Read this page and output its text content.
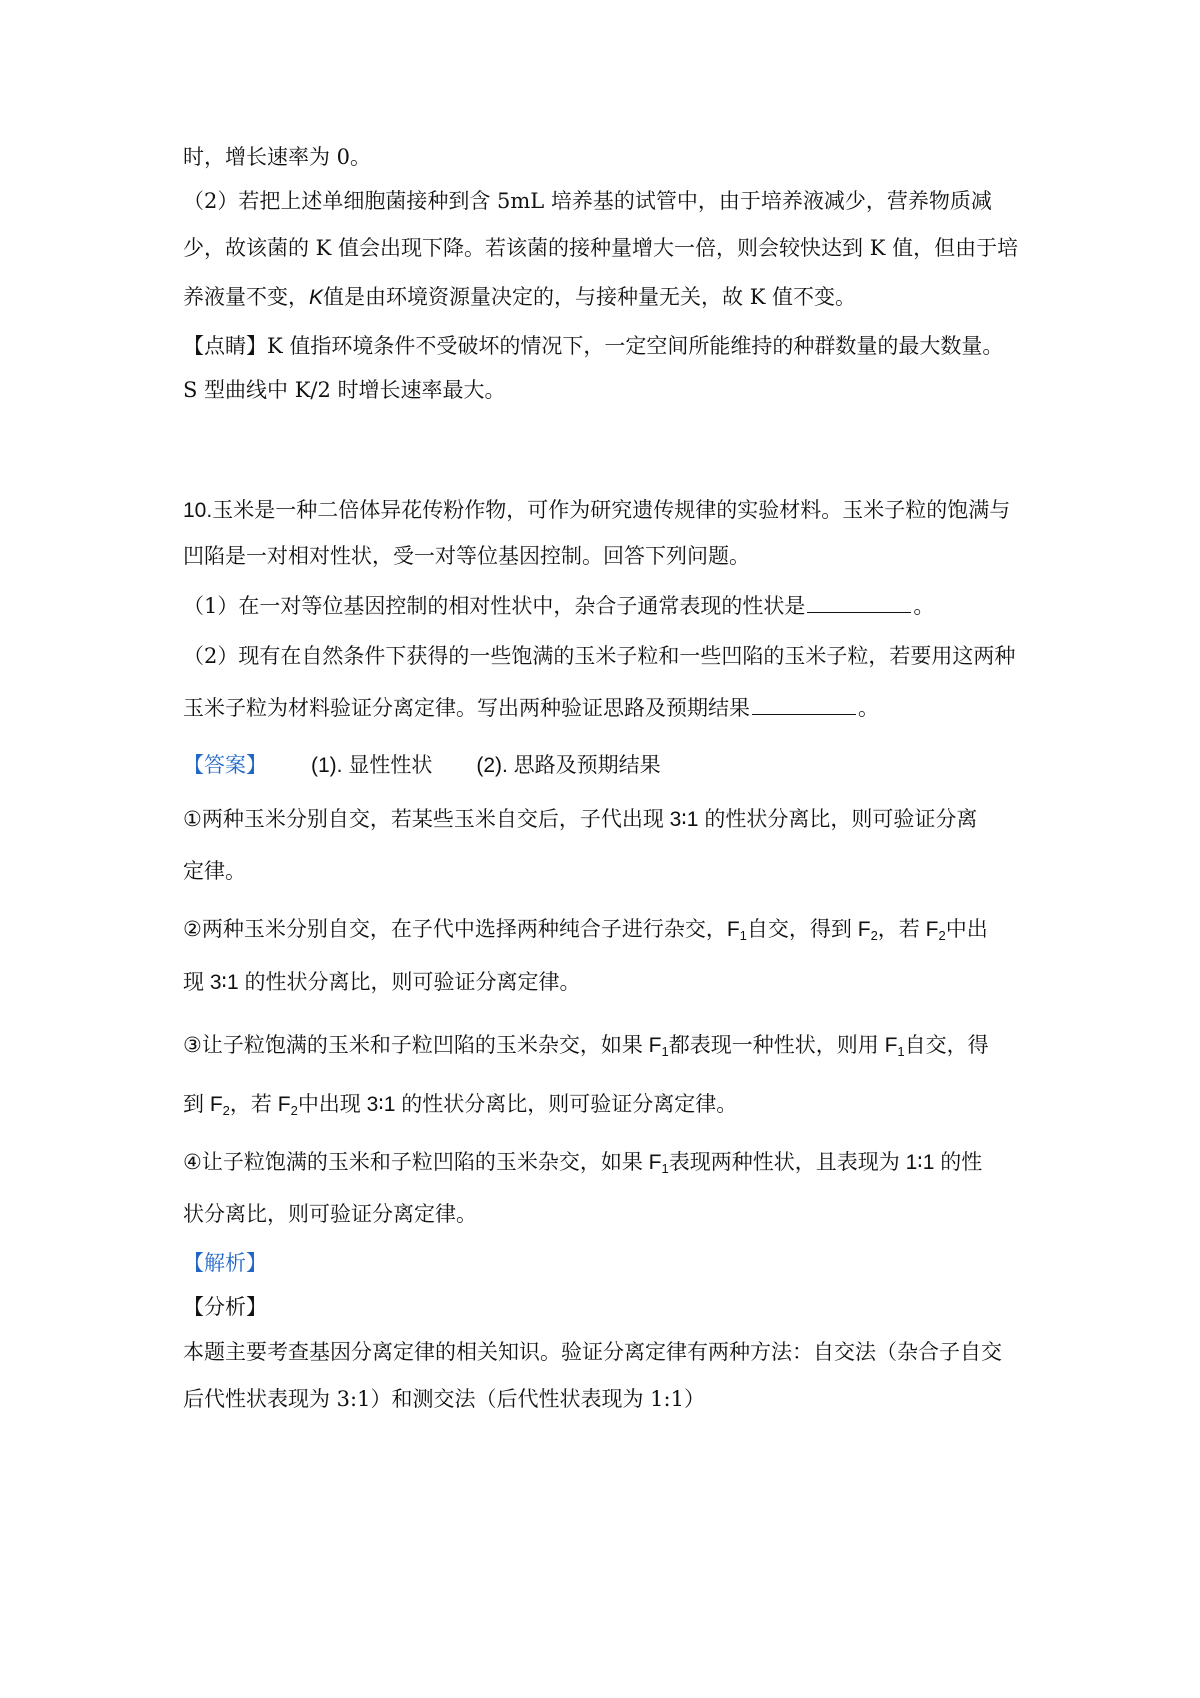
时，增长速率为 0。

（2）若把上述单细胞菌接种到含 5mL 培养基的试管中，由于培养液减少，营养物质减

少，故该菌的 K 值会出现下降。若该菌的接种量增大一倍，则会较快达到 K 值，但由于培

养液量不变，K值是由环境资源量决定的，与接种量无关，故 K 值不变。

【点睛】K 值指环境条件不受破坏的情况下，一定空间所能维持的种群数量的最大数量。

S 型曲线中 K/2 时增长速率最大。

10.玉米是一种二倍体异花传粉作物，可作为研究遗传规律的实验材料。玉米子粒的饱满与

凹陷是一对相对性状，受一对等位基因控制。回答下列问题。

（1）在一对等位基因控制的相对性状中，杂合子通常表现的性状是	。

（2）现有在自然条件下获得的一些饱满的玉米子粒和一些凹陷的玉米子粒，若要用这两种

玉米子粒为材料验证分离定律。写出两种验证思路及预期结果	。

【答案】 (1). 显性性状 (2). 思路及预期结果

①两种玉米分别自交，若某些玉米自交后，子代出现 3∶1 的性状分离比，则可验证分离

定律。

②两种玉米分别自交，在子代中选择两种纯合子进行杂交，$F_1$自交，得到 $F_2$，若 $F_2$中出

现 3∶1 的性状分离比，则可验证分离定律。

③让子粒饱满的玉米和子粒凹陷的玉米杂交，如果 $F_1$都表现一种性状，则用 $F_1$自交，得

到 $F_2$，若 $F_2$中出现 3∶1 的性状分离比，则可验证分离定律。

④让子粒饱满的玉米和子粒凹陷的玉米杂交，如果 $F_1$表现两种性状，且表现为 1∶1 的性

状分离比，则可验证分离定律。

【解析】

【分析】

本题主要考查基因分离定律的相关知识。验证分离定律有两种方法：自交法（杂合子自交

后代性状表现为 3:1）和测交法（后代性状表现为 1:1）
